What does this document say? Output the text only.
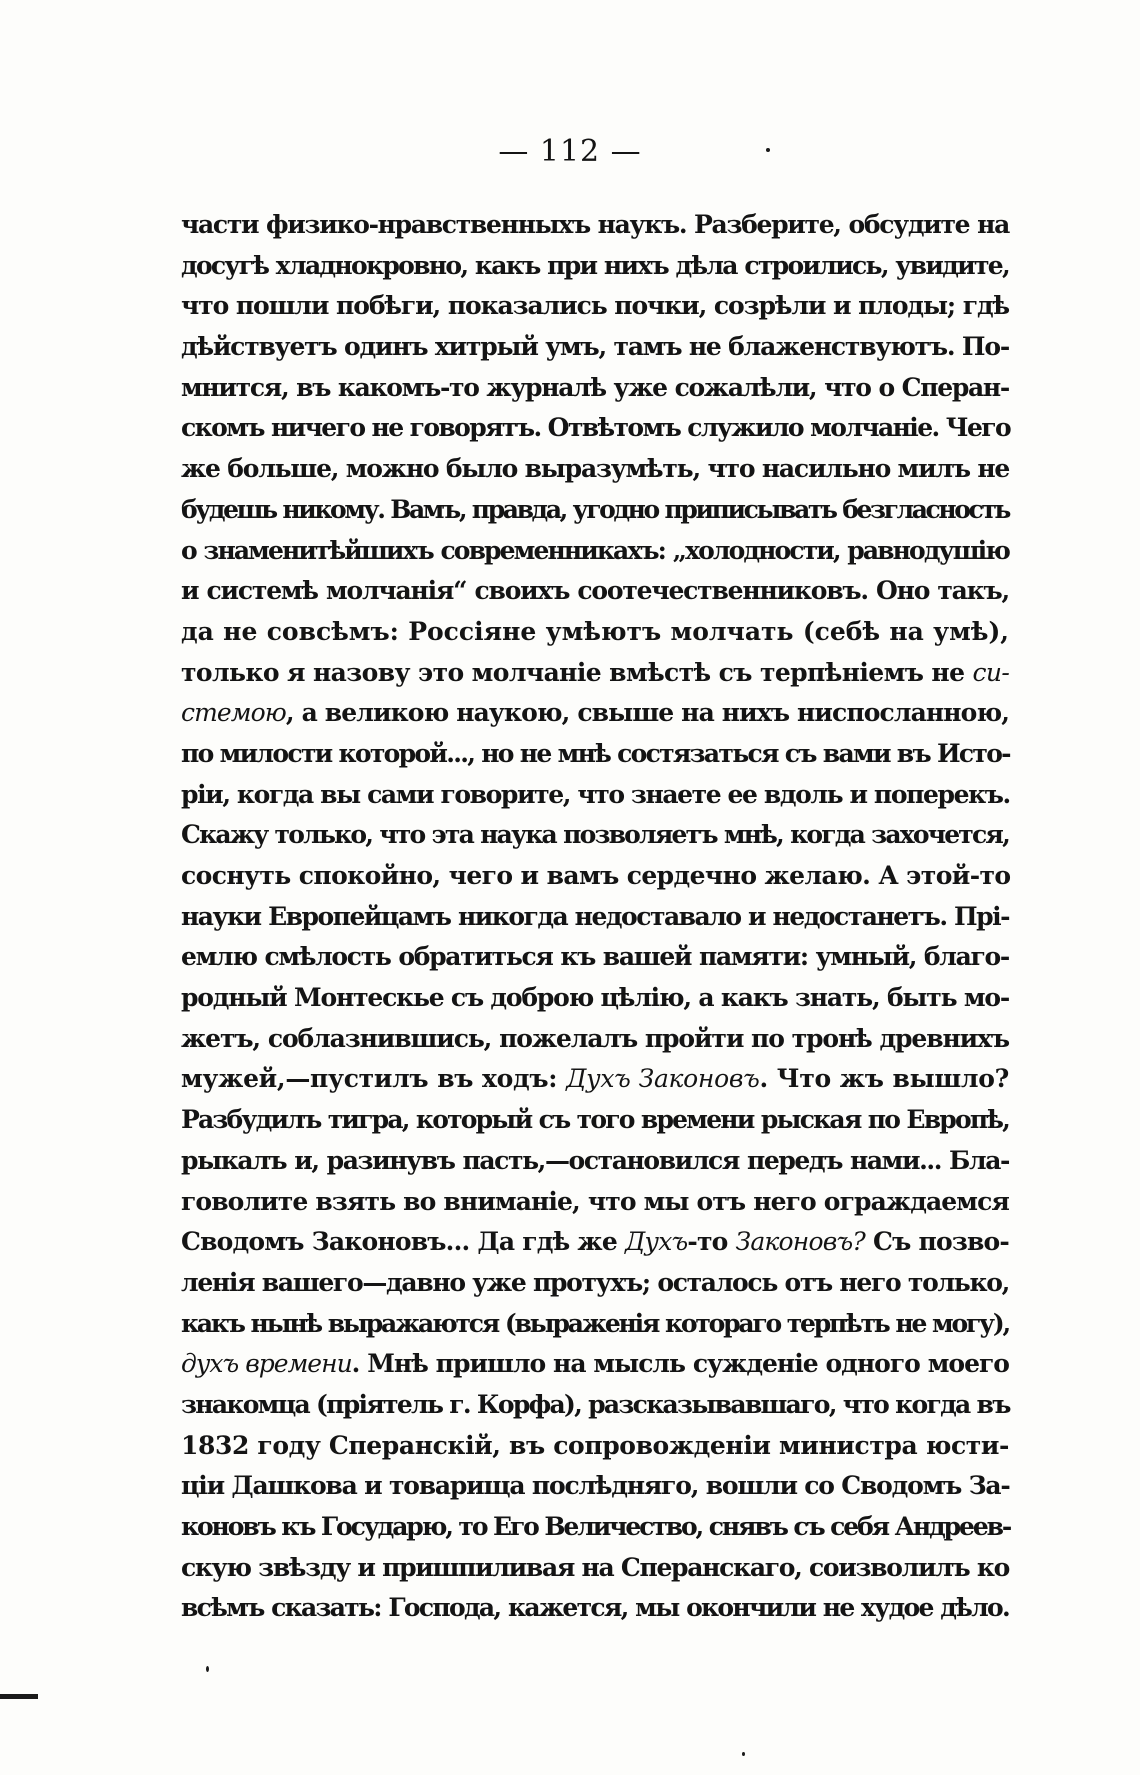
— 112 —
части физико-нравственныхъ наукъ. Разберите, обсудите на
досугѣ хладнокровно, какъ при нихъ дѣла строились, увидите,
что пошли побѣги, показались почки, созрѣли и плоды; гдѣ
дѣйствуетъ одинъ хитрый умъ, тамъ не блаженствуютъ. По-
мнится, въ какомъ-то журналѣ уже сожалѣли, что о Сперан-
скомъ ничего не говорятъ. Отвѣтомъ служило молчаніе. Чего
же больше, можно было выразумѣть, что насильно милъ не
будешь никому. Вамъ, правда, угодно приписывать безгласность
о знаменитѣйшихъ современникахъ: „холодности, равнодушію
и системѣ молчанія“ своихъ соотечественниковъ. Оно такъ,
да не совсѣмъ: Россіяне умѣютъ молчать (себѣ на умѣ),
только я назову это молчаніе вмѣстѣ съ терпѣніемъ не си-
стемою, а великою наукою, свыше на нихъ ниспосланною,
по милости которой..., но не мнѣ состязаться съ вами въ Исто-
ріи, когда вы сами говорите, что знаете ее вдоль и поперекъ.
Скажу только, что эта наука позволяетъ мнѣ, когда захочется,
соснуть спокойно, чего и вамъ сердечно желаю. А этой-то
науки Европейцамъ никогда недоставало и недостанетъ. Прі-
емлю смѣлость обратиться къ вашей памяти: умный, благо-
родный Монтескье съ доброю цѣлію, а какъ знать, быть мо-
жетъ, соблазнившись, пожелалъ пройти по тронѣ древнихъ
мужей,—пустилъ въ ходъ: Духъ Законовъ. Что жъ вышло?
Разбудилъ тигра, который съ того времени рыская по Европѣ,
рыкалъ и, разинувъ пасть,—остановился передъ нами... Бла-
говолите взять во вниманіе, что мы отъ него ограждаемся
Сводомъ Законовъ... Да гдѣ же Духъ-то Законовъ? Съ позво-
ленія вашего—давно уже протухъ; осталось отъ него только,
какъ нынѣ выражаются (выраженія котораго терпѣть не могу),
духъ времени. Мнѣ пришло на мысль сужденіе одного моего
знакомца (пріятель г. Корфа), разсказывавшаго, что когда въ
1832 году Сперанскій, въ сопровожденіи министра юсти-
ціи Дашкова и товарища послѣдняго, вошли со Сводомъ За-
коновъ къ Государю, то Его Величество, снявъ съ себя Андреев-
скую звѣзду и пришпиливая на Сперанскаго, соизволилъ ко
всѣмъ сказать: Господа, кажется, мы окончили не худое дѣло.
